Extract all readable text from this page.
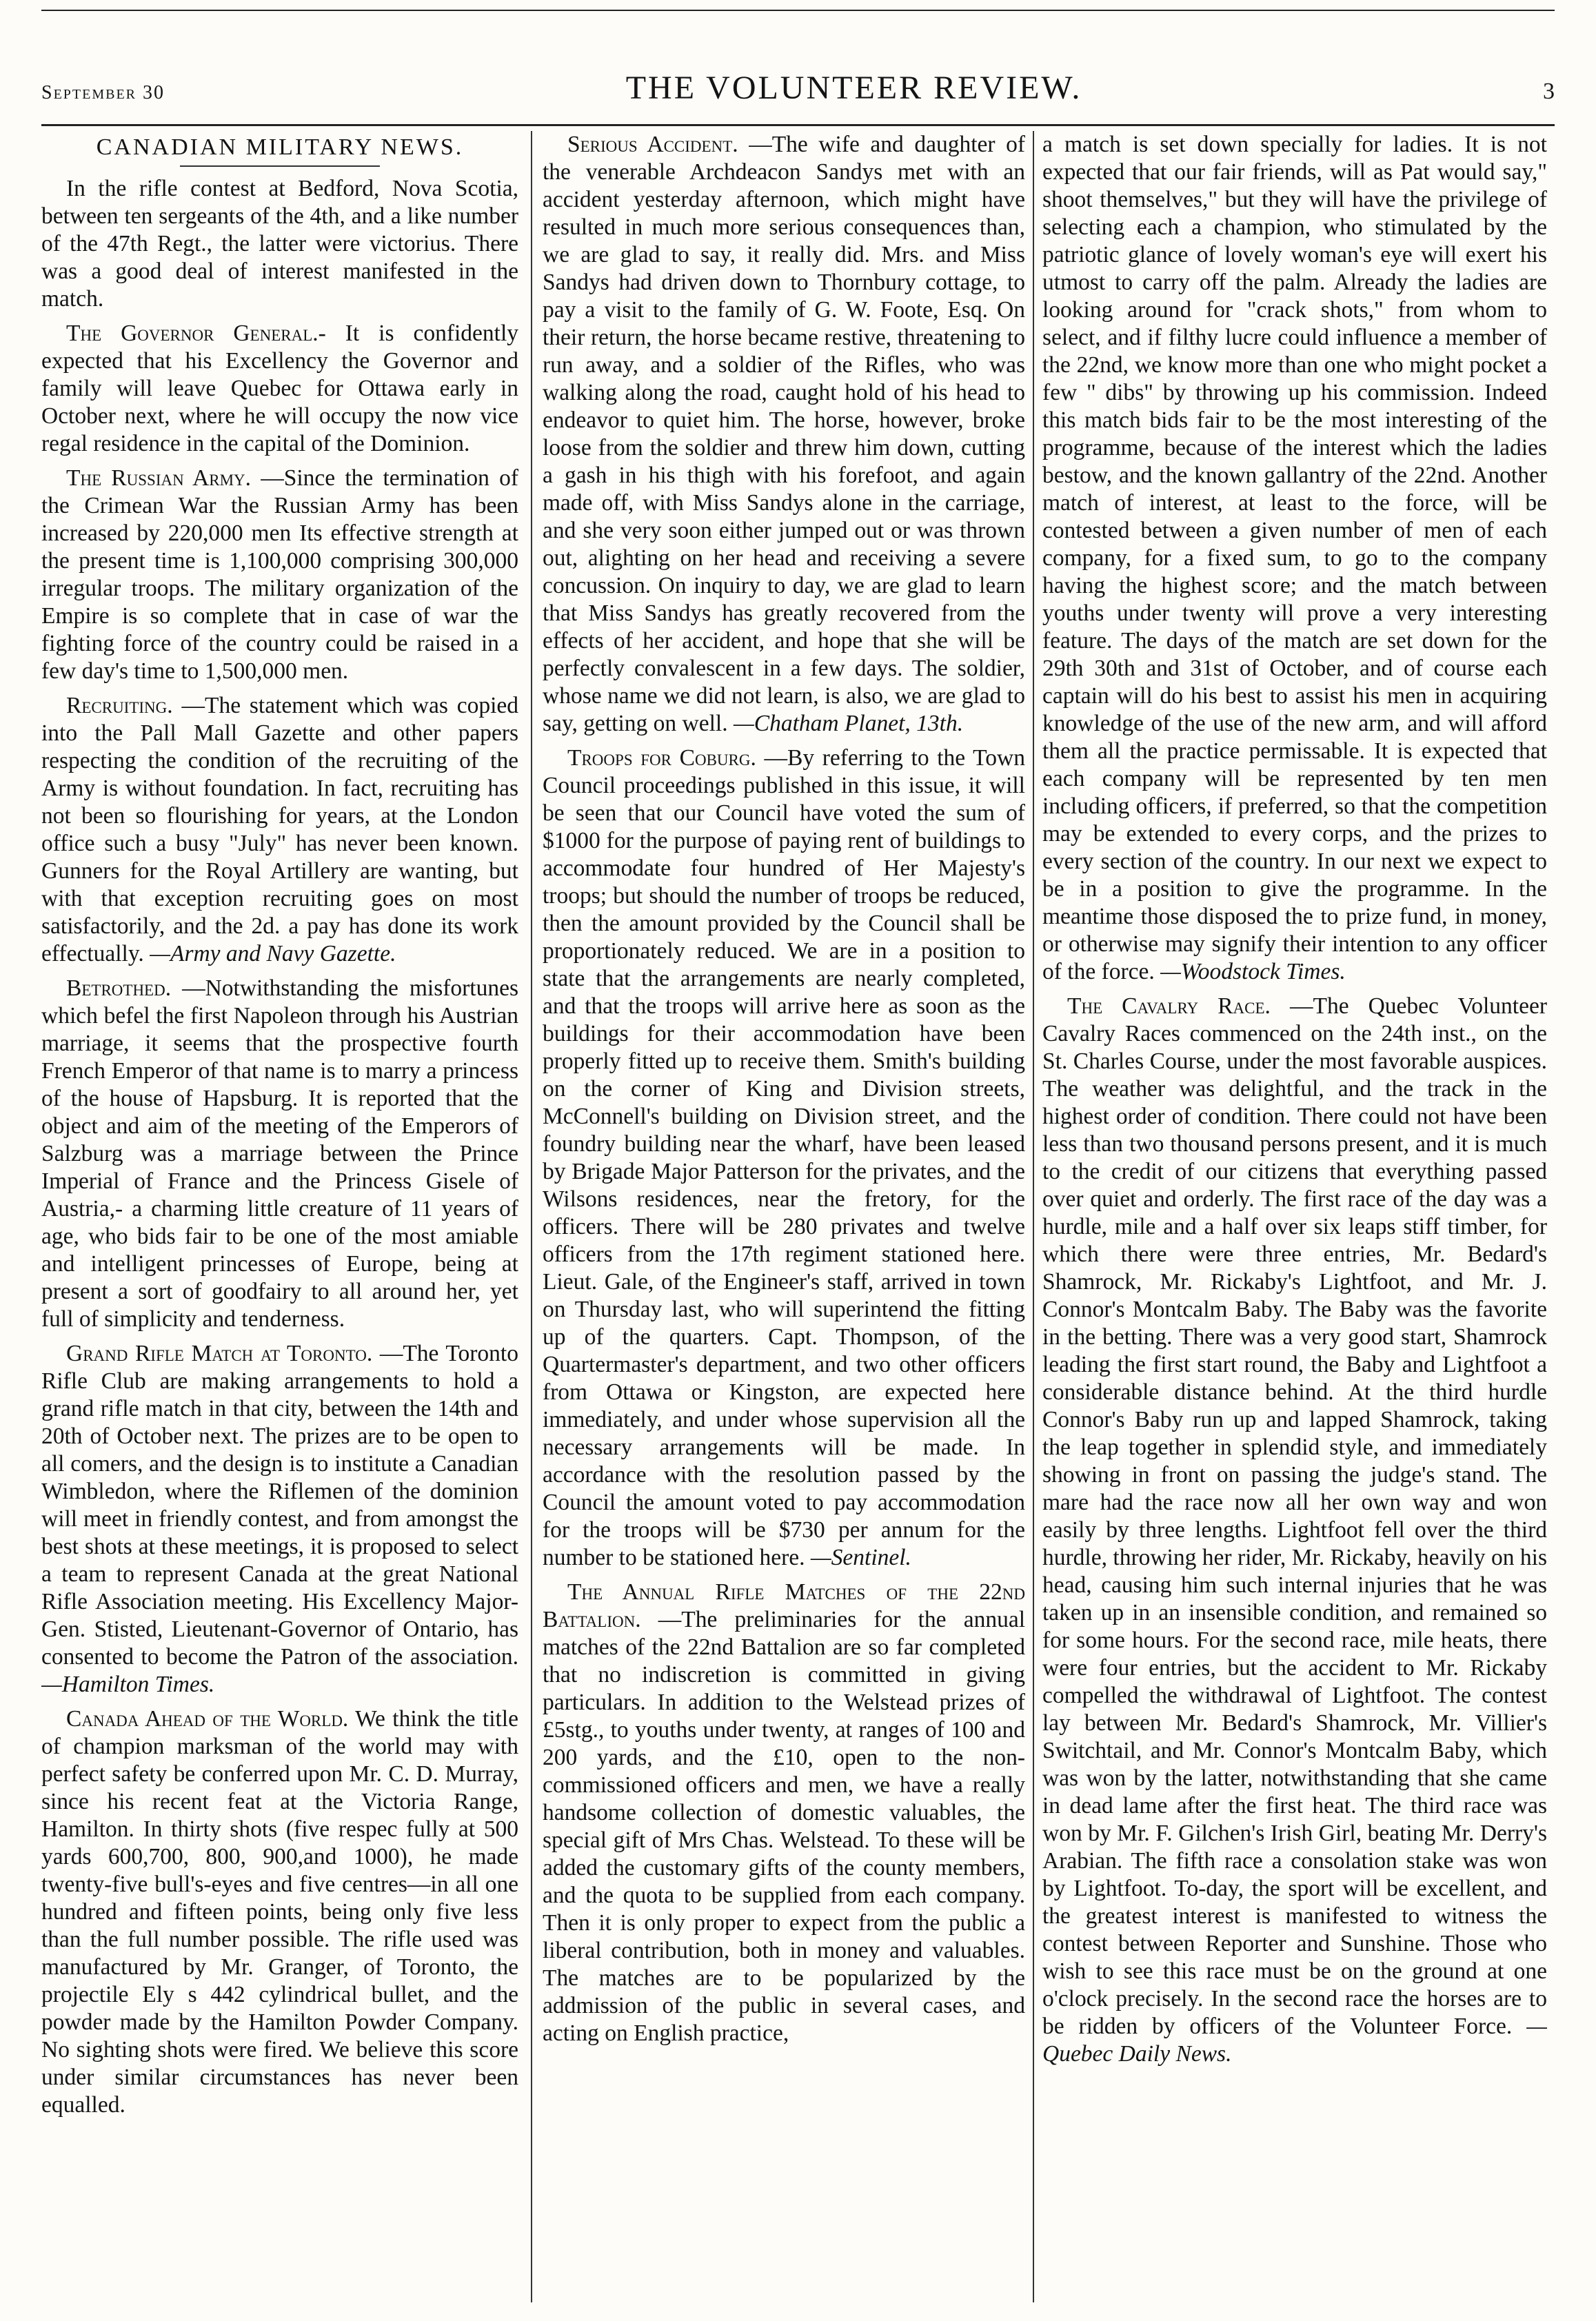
September 30	THE VOLUNTEER REVIEW.	3
CANADIAN MILITARY NEWS.

In the rifle contest at Bedford, Nova Scotia, between ten sergeants of the 4th, and a like number of the 47th Regt., the latter were victorius. There was a good deal of interest manifested in the match.

The Governor General.- It is confidently expected that his Excellency the Governor and family will leave Quebec for Ottawa early in October next, where he will occupy the now vice regal residence in the capital of the Dominion.

The Russian Army. —Since the termination of the Crimean War the Russian Army has been increased by 220,000 men Its effective strength at the present time is 1,100,000 comprising 300,000 irregular troops. The military organization of the Empire is so complete that in case of war the fighting force of the country could be raised in a few day's time to 1,500,000 men.

Recruiting. —The statement which was copied into the Pall Mall Gazette and other papers respecting the condition of the recruiting of the Army is without foundation. In fact, recruiting has not been so flourishing for years, at the London office such a busy "July" has never been known. Gunners for the Royal Artillery are wanting, but with that exception recruiting goes on most satisfactorily, and the 2d. a pay has done its work effectually. —Army and Navy Gazette.

Betrothed. —Notwithstanding the misfortunes which befel the first Napoleon through his Austrian marriage, it seems that the prospective fourth French Emperor of that name is to marry a princess of the house of Hapsburg. It is reported that the object and aim of the meeting of the Emperors of Salzburg was a marriage between the Prince Imperial of France and the Princess Gisele of Austria,- a charming little creature of 11 years of age, who bids fair to be one of the most amiable and intelligent princesses of Europe, being at present a sort of goodfairy to all around her, yet full of simplicity and tenderness.

Grand Rifle Match at Toronto. —The Toronto Rifle Club are making arrangements to hold a grand rifle match in that city, between the 14th and 20th of October next. The prizes are to be open to all comers, and the design is to institute a Canadian Wimbledon, where the Riflemen of the dominion will meet in friendly contest, and from amongst the best shots at these meetings, it is proposed to select a team to represent Canada at the great National Rifle Association meeting. His Excellency Major-Gen. Stisted, Lieutenant-Governor of Ontario, has consented to become the Patron of the association. —Hamilton Times.

Canada Ahead of the World. We think the title of champion marksman of the world may with perfect safety be conferred upon Mr. C. D. Murray, since his recent feat at the Victoria Range, Hamilton. In thirty shots (five respec fully at 500 yards 600,700, 800, 900,and 1000), he made twenty-five bull's-eyes and five centres—in all one hundred and fifteen points, being only five less than the full number possible. The rifle used was manufactured by Mr. Granger, of Toronto, the projectile Ely s 442 cylindrical bullet, and the powder made by the Hamilton Powder Company. No sighting shots were fired. We believe this score under similar circumstances has never been equalled.

Serious Accident. —The wife and daughter of the venerable Archdeacon Sandys met with an accident yesterday afternoon, which might have resulted in much more serious consequences than, we are glad to say, it really did. Mrs. and Miss Sandys had driven down to Thornbury cottage, to pay a visit to the family of G. W. Foote, Esq. On their return, the horse became restive, threatening to run away, and a soldier of the Rifles, who was walking along the road, caught hold of his head to endeavor to quiet him. The horse, however, broke loose from the soldier and threw him down, cutting a gash in his thigh with his forefoot, and again made off, with Miss Sandys alone in the carriage, and she very soon either jumped out or was thrown out, alighting on her head and receiving a severe concussion. On inquiry to day, we are glad to learn that Miss Sandys has greatly recovered from the effects of her accident, and hope that she will be perfectly convalescent in a few days. The soldier, whose name we did not learn, is also, we are glad to say, getting on well. —Chatham Planet, 13th.

Troops for Coburg. —By referring to the Town Council proceedings published in this issue, it will be seen that our Council have voted the sum of $1000 for the purpose of paying rent of buildings to accommodate four hundred of Her Majesty's troops; but should the number of troops be reduced, then the amount provided by the Council shall be proportionately reduced. We are in a position to state that the arrangements are nearly completed, and that the troops will arrive here as soon as the buildings for their accommodation have been properly fitted up to receive them. Smith's building on the corner of King and Division streets, McConnell's building on Division street, and the foundry building near the wharf, have been leased by Brigade Major Patterson for the privates, and the Wilsons residences, near the fretory, for the officers. There will be 280 privates and twelve officers from the 17th regiment stationed here. Lieut. Gale, of the Engineer's staff, arrived in town on Thursday last, who will superintend the fitting up of the quarters. Capt. Thompson, of the Quartermaster's department, and two other officers from Ottawa or Kingston, are expected here immediately, and under whose supervision all the necessary arrangements will be made. In accordance with the resolution passed by the Council the amount voted to pay accommodation for the troops will be $730 per annum for the number to be stationed here. —Sentinel.

The Annual Rifle Matches of the 22nd Battalion. —The preliminaries for the annual matches of the 22nd Battalion are so far completed that no indiscretion is committed in giving particulars. In addition to the Welstead prizes of £5stg., to youths under twenty, at ranges of 100 and 200 yards, and the £10, open to the non-commissioned officers and men, we have a really handsome collection of domestic valuables, the special gift of Mrs Chas. Welstead. To these will be added the customary gifts of the county members, and the quota to be supplied from each company. Then it is only proper to expect from the public a liberal contribution, both in money and valuables. The matches are to be popularized by the addmission of the public in several cases, and acting on English practice,

a match is set down specially for ladies. It is not expected that our fair friends, will as Pat would say," shoot themselves," but they will have the privilege of selecting each a champion, who stimulated by the patriotic glance of lovely woman's eye will exert his utmost to carry off the palm. Already the ladies are looking around for "crack shots," from whom to select, and if filthy lucre could influence a member of the 22nd, we know more than one who might pocket a few " dibs" by throwing up his commission. Indeed this match bids fair to be the most interesting of the programme, because of the interest which the ladies bestow, and the known gallantry of the 22nd. Another match of interest, at least to the force, will be contested between a given number of men of each company, for a fixed sum, to go to the company having the highest score; and the match between youths under twenty will prove a very interesting feature. The days of the match are set down for the 29th 30th and 31st of October, and of course each captain will do his best to assist his men in acquiring knowledge of the use of the new arm, and will afford them all the practice permissable. It is expected that each company will be represented by ten men including officers, if preferred, so that the competition may be extended to every corps, and the prizes to every section of the country. In our next we expect to be in a position to give the programme. In the meantime those disposed the to prize fund, in money, or otherwise may signify their intention to any officer of the force. —Woodstock Times.

The Cavalry Race. —The Quebec Volunteer Cavalry Races commenced on the 24th inst., on the St. Charles Course, under the most favorable auspices. The weather was delightful, and the track in the highest order of condition. There could not have been less than two thousand persons present, and it is much to the credit of our citizens that everything passed over quiet and orderly. The first race of the day was a hurdle, mile and a half over six leaps stiff timber, for which there were three entries, Mr. Bedard's Shamrock, Mr. Rickaby's Lightfoot, and Mr. J. Connor's Montcalm Baby. The Baby was the favorite in the betting. There was a very good start, Shamrock leading the first start round, the Baby and Lightfoot a considerable distance behind. At the third hurdle Connor's Baby run up and lapped Shamrock, taking the leap together in splendid style, and immediately showing in front on passing the judge's stand. The mare had the race now all her own way and won easily by three lengths. Lightfoot fell over the third hurdle, throwing her rider, Mr. Rickaby, heavily on his head, causing him such internal injuries that he was taken up in an insensible condition, and remained so for some hours. For the second race, mile heats, there were four entries, but the accident to Mr. Rickaby compelled the withdrawal of Lightfoot. The contest lay between Mr. Bedard's Shamrock, Mr. Villier's Switchtail, and Mr. Connor's Montcalm Baby, which was won by the latter, notwithstanding that she came in dead lame after the first heat. The third race was won by Mr. F. Gilchen's Irish Girl, beating Mr. Derry's Arabian. The fifth race a consolation stake was won by Lightfoot. To-day, the sport will be excellent, and the greatest interest is manifested to witness the contest between Reporter and Sunshine. Those who wish to see this race must be on the ground at one o'clock precisely. In the second race the horses are to be ridden by officers of the Volunteer Force. —Quebec Daily News.
